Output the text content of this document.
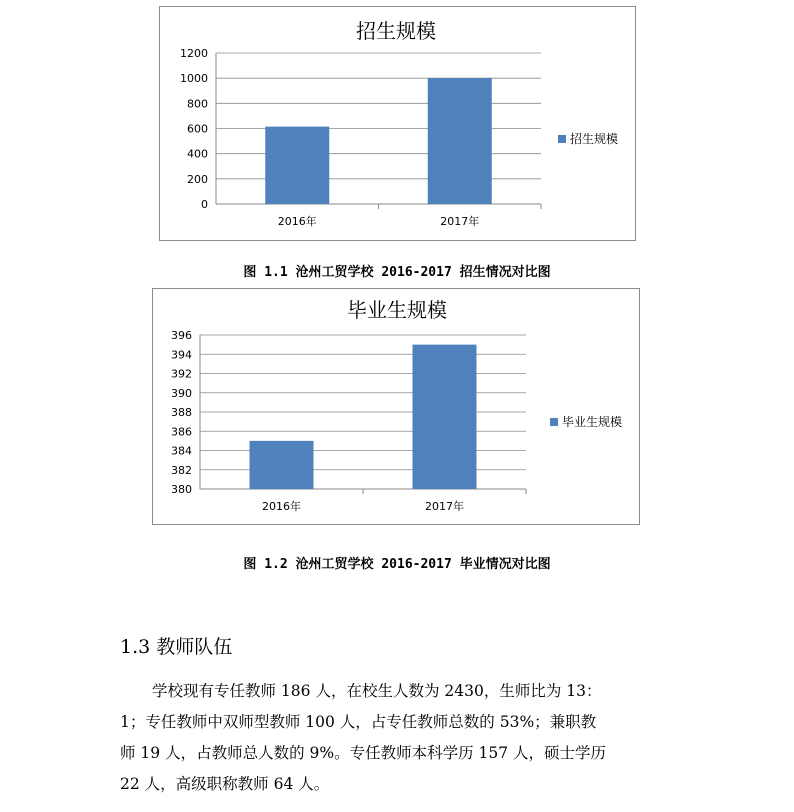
招生规模
0
200
400
600
800
1000
1200
2016年	2017年
招生规模
图 1.1 沧州工贸学校 2016-2017 招生情况对比图
毕业生规模
380
382
384
386
388
390
392
394
396
2016年	2017年
毕业生规模
图 1.2 沧州工贸学校 2016-2017 毕业情况对比图
1.3 教师队伍

学校现有专任教师 186 人，在校生人数为 2430，生师比为 13：

1；专任教师中双师型教师 100 人，占专任教师总数的 53%；兼职教

师 19 人，占教师总人数的 9%。专任教师本科学历 157 人，硕士学历

22 人，高级职称教师 64 人。
